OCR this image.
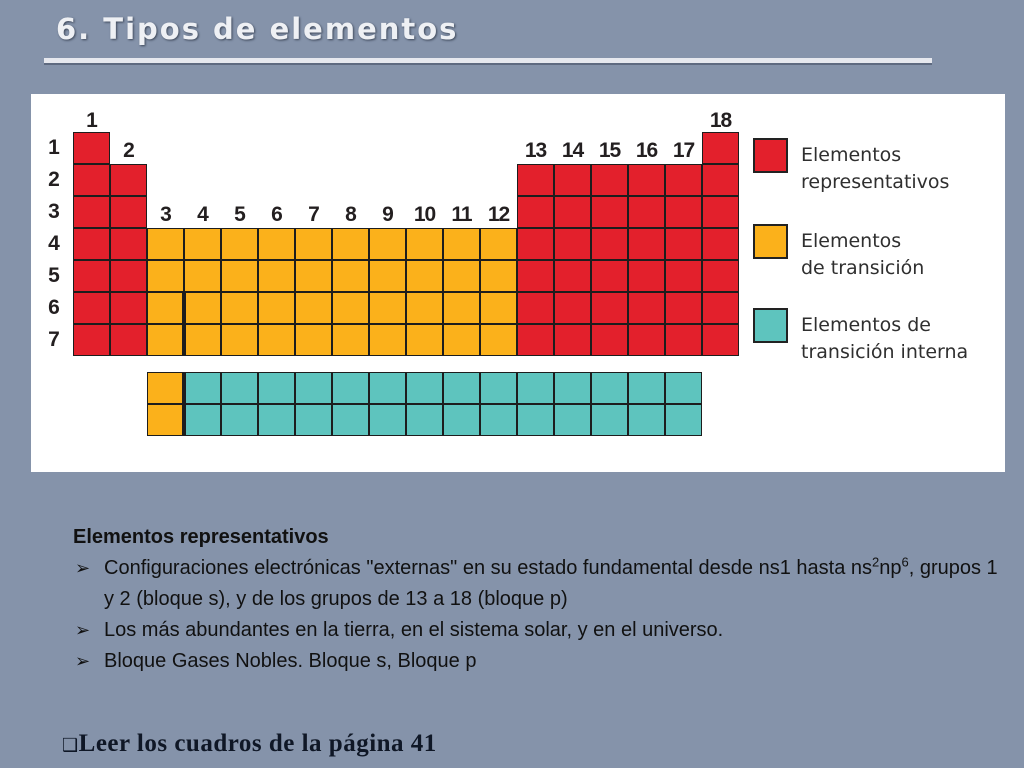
6. Tipos de elementos
1
2
3	4	5	6	7	8	9 10 11 12
13 14 15 16 17
18
1
2
3
4
5
6
7
Elementos
representativos
Elementos
de transición
Elementos de
transición interna
Elementos representativos
➢ Configuraciones electrónicas "externas" en su estado fundamental desde ns1 hasta $ns^2np^6$, grupos 1 y 2 (bloque s), y de los grupos de 13 a 18 (bloque p)
➢ Los más abundantes en la tierra, en el sistema solar, y en el universo.
➢ Bloque Gases Nobles. Bloque s, Bloque p
❑Leer los cuadros de la página 41
